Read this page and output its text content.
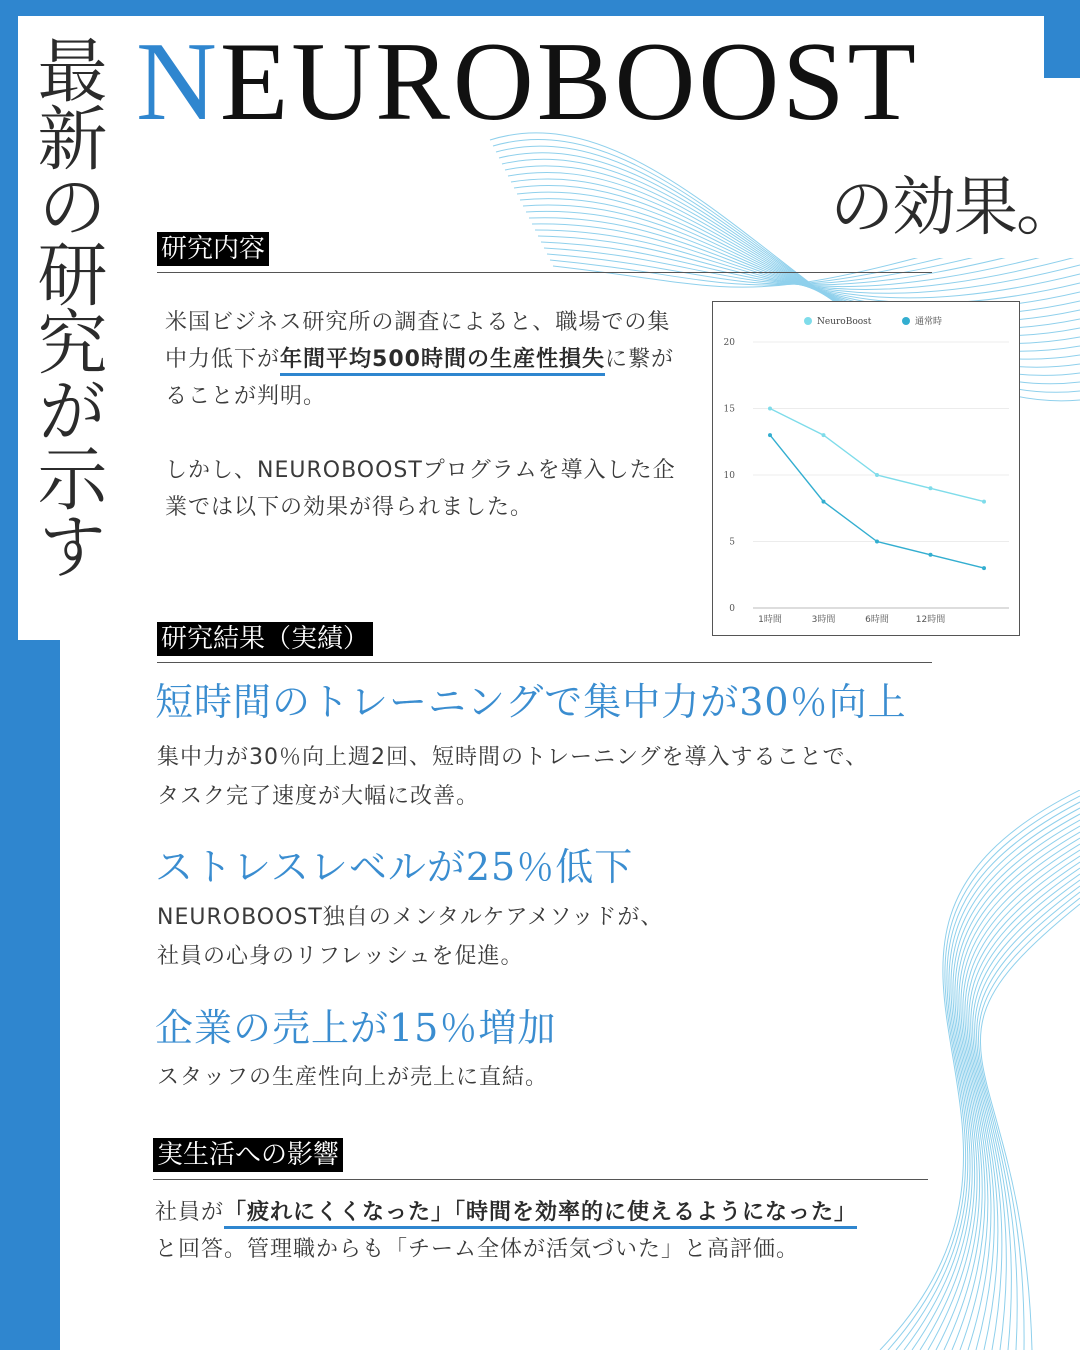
最新の研究が示す NEUROBOOST
の効果。
研究内容
米国ビジネス研究所の調査によると、職場での集中力低下が年間平均500時間の生産性損失に繋がることが判明。
しかし、NEUROBOOSTプログラムを導入した企業では以下の効果が得られました。
0
5
10
15
20
1時間	3時間	6時間	12時間
NeuroBoost	通常時
研究結果（実績）
短時間のトレーニングで集中力が30％向上
集中力が30％向上週2回、短時間のトレーニングを導入することで、
タスク完了速度が大幅に改善。
ストレスレベルが25％低下
NEUROBOOST独自のメンタルケアメソッドが、
社員の心身のリフレッシュを促進。
企業の売上が15％増加
スタッフの生産性向上が売上に直結。
実生活への影響
社員が「疲れにくくなった」「時間を効率的に使えるようになった」
と回答。管理職からも「チーム全体が活気づいた」と高評価。
